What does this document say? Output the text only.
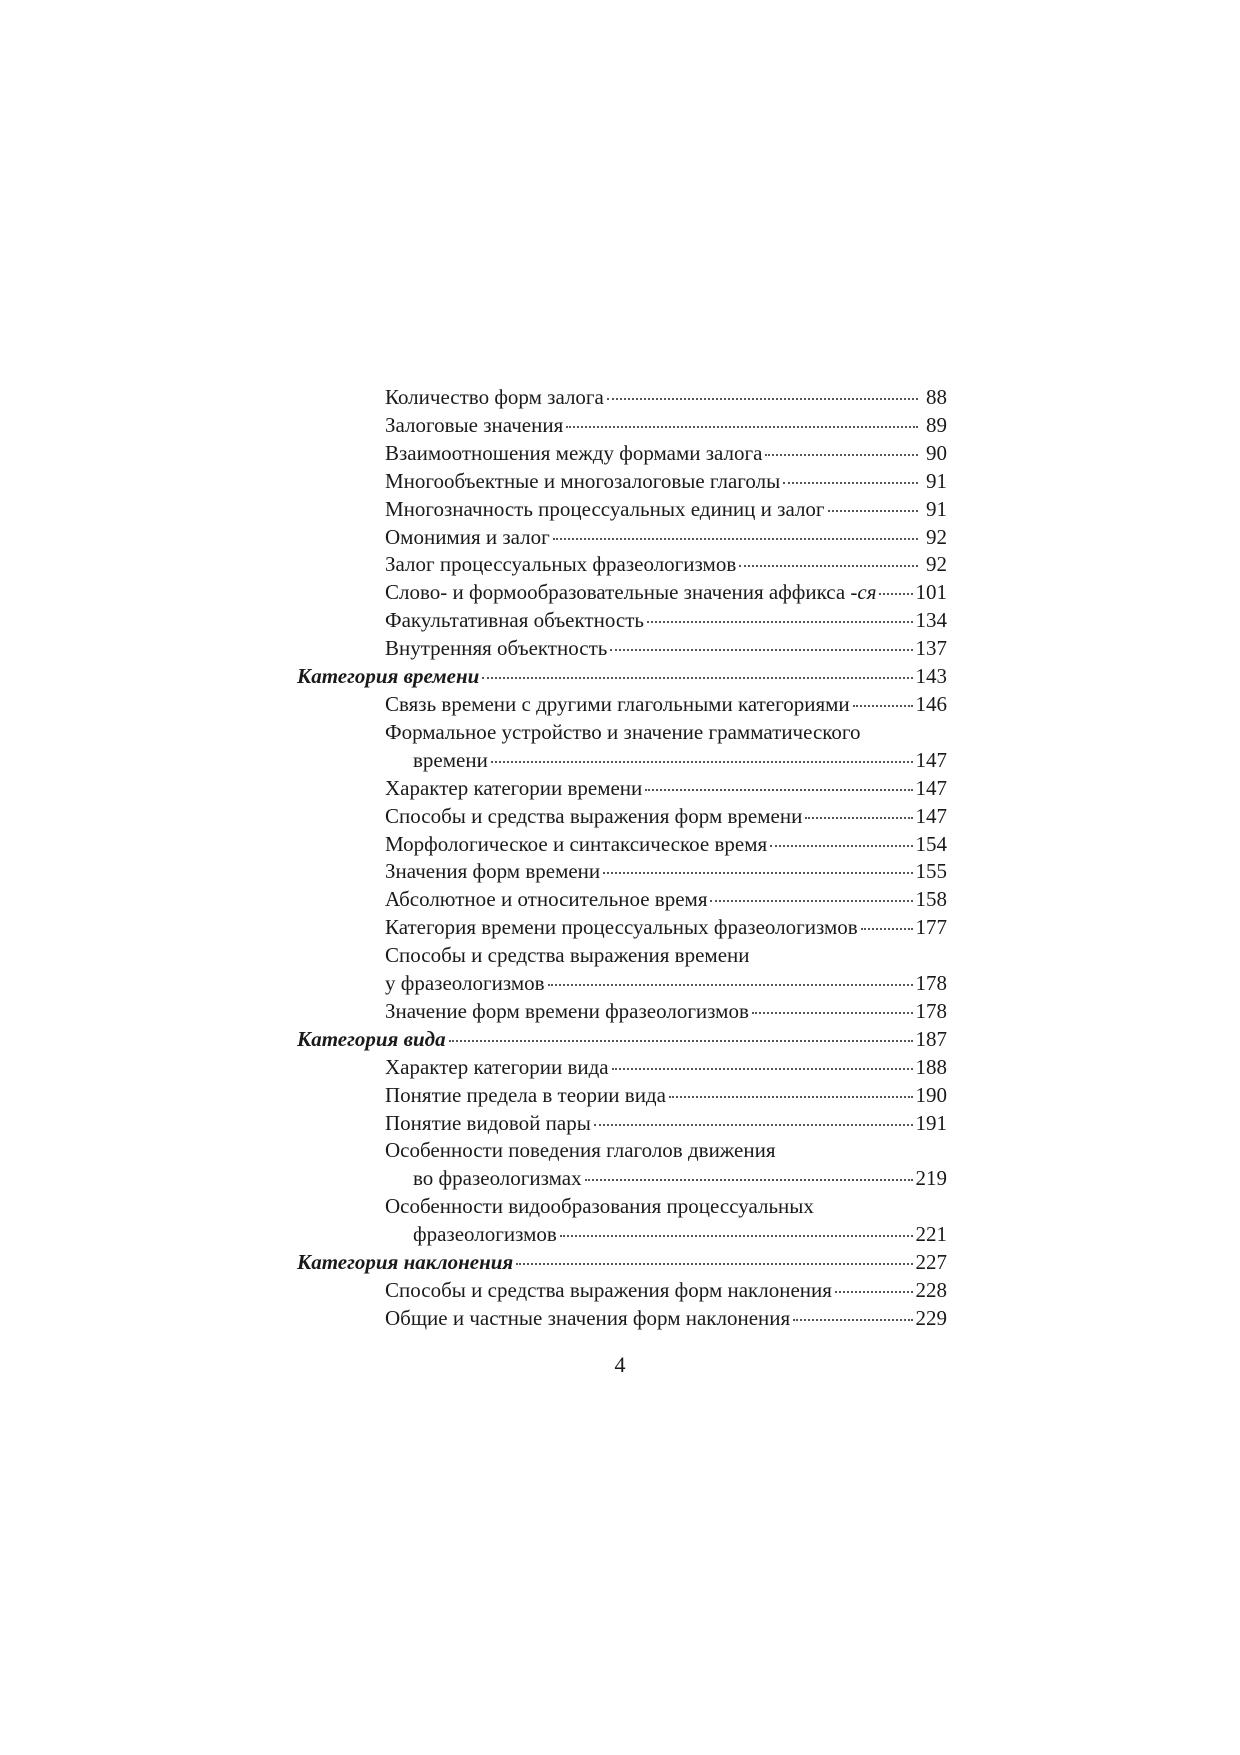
Количество форм залога	88
Залоговые значения	89
Взаимоотношения между формами залога	90
Многообъектные и многозалоговые глаголы	91
Многозначность процессуальных единиц и залог	91
Омонимия и залог	92
Залог процессуальных фразеологизмов	92
Слово- и формообразовательные значения аффикса -ся 101
Факультативная объектность	134
Внутренняя объектность	137
Категория времени	143
Связь времени с другими глагольными категориями	146
Формальное устройство и значение грамматического
времени	147
Характер категории времени	147
Способы и средства выражения форм времени	147
Морфологическое и синтаксическое время	154
Значения форм времени	155
Абсолютное и относительное время	158
Категория времени процессуальных фразеологизмов	177
Способы и средства выражения времени
у фразеологизмов	178
Значение форм времени фразеологизмов	178
Категория вида	187
Характер категории вида	188
Понятие предела в теории вида	190
Понятие видовой пары	191
Особенности поведения глаголов движения
во фразеологизмах	219
Особенности видообразования процессуальных
фразеологизмов	221
Категория наклонения	227
Способы и средства выражения форм наклонения	228
Общие и частные значения форм наклонения	229
4
